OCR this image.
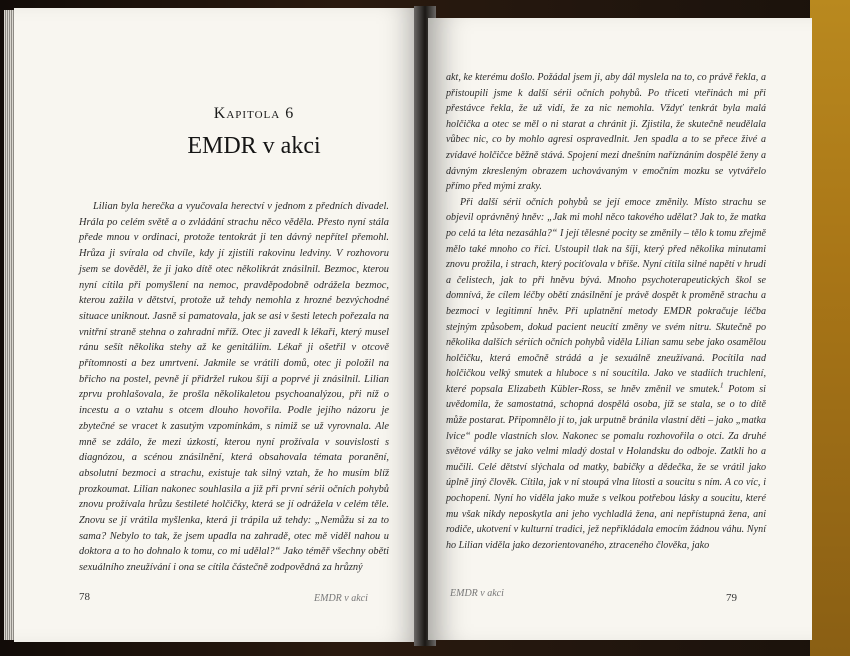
Kapitola 6
EMDR v akci

Lilian byla herečka a vyučovala herectví v jednom z předních divadel. Hrála po celém světě a o zvládání strachu něco věděla. Přesto nyní stála přede mnou v ordinaci, protože tentokrát ji ten dávný nepřítel přemohl. Hrůza ji svírala od chvíle, kdy jí zjistili rakovinu ledviny. V rozhovoru jsem se dověděl, že ji jako dítě otec několikrát znásilnil. Bezmoc, kterou nyní cítila při pomyšlení na nemoc, pravděpodobně odrážela bezmoc, kterou zažila v dětství, protože už tehdy nemohla z hrozné bezvýchodné situace uniknout. Jasně si pamatovala, jak se asi v šesti letech pořezala na vnitřní straně stehna o zahradní mříž. Otec ji zavedl k lékaři, který musel ránu sešít několika stehy až ke genitáliím. Lékař ji ošetřil v otcově přítomnosti a bez umrtvení. Jakmile se vrátili domů, otec ji položil na břicho na postel, pevně jí přidržel rukou šíji a poprvé ji znásilnil. Lilian zprvu prohlašovala, že prošla několikaletou psychoanalýzou, při níž o incestu a o vztahu s otcem dlouho hovořila. Podle jejího názoru je zbytečné se vracet k zasutým vzpomínkám, s nimiž se už vyrovnala. Ale mně se zdálo, že mezi úzkostí, kterou nyní prožívala v souvislosti s diagnózou, a scénou znásilnění, která obsahovala témata poranění, absolutní bezmoci a strachu, existuje tak silný vztah, že ho musím blíž prozkoumat. Lilian nakonec souhlasila a již při první sérii očních pohybů znovu prožívala hrůzu šestileté holčičky, která se jí odrážela v celém těle. Znovu se jí vrátila myšlenka, která ji trápila už tehdy: „Nemůžu si za to sama? Nebylo to tak, že jsem upadla na zahradě, otec mě viděl nahou u doktora a to ho dohnalo k tomu, co mi udělal?“ Jako téměř všechny oběti sexuálního zneužívání i ona se cítila částečně zodpovědná za hrůzný

78	EMDR v akci

akt, ke kterému došlo. Požádal jsem ji, aby dál myslela na to, co právě řekla, a přistoupili jsme k další sérii očních pohybů. Po třiceti vteřinách mi při přestávce řekla, že už vidí, že za nic nemohla. Vždyť tenkrát byla malá holčička a otec se měl o ni starat a chránit ji. Zjistila, že skutečně neudělala vůbec nic, co by mohlo agresi ospravedlnit. Jen spadla a to se přece živé a zvídavé holčičce běžně stává. Spojení mezi dnešním naříznáním dospělé ženy a dávným zkresleným obrazem uchovávaným v emočním mozku se vytvářelo přímo před mými zraky.

Při další sérii očních pohybů se její emoce změnily. Místo strachu se objevil oprávněný hněv: „Jak mi mohl něco takového udělat? Jak to, že matka po celá ta léta nezasáhla?“ I její tělesné pocity se změnily – tělo k tomu zřejmě mělo také mnoho co říci. Ustoupil tlak na šíji, který před několika minutami znovu prožila, i strach, který pociťovala v břiše. Nyní cítila silné napětí v hrudi a čelistech, jak to při hněvu bývá. Mnoho psychoterapeutických škol se domnívá, že cílem léčby obětí znásilnění je právě dospět k proměně strachu a bezmoci v legitimní hněv. Při uplatnění metody EMDR pokračuje léčba stejným způsobem, dokud pacient neucítí změny ve svém nitru. Skutečně po několika dalších sériích očních pohybů viděla Lilian samu sebe jako osamělou holčičku, která emočně strádá a je sexuálně zneužívaná. Pocítila nad holčičkou velký smutek a hluboce s ní soucítila. Jako ve stadiích truchlení, které popsala Elizabeth Kübler-Ross, se hněv změnil ve smutek.$^1$ Potom si uvědomila, že samostatná, schopná dospělá osoba, jíž se stala, se o to dítě může postarat. Připomnělo jí to, jak urputně bránila vlastní děti – jako „matka lvice“ podle vlastních slov. Nakonec se pomalu rozhovořila o otci. Za druhé světové války se jako velmi mladý dostal v Holandsku do odboje. Zatkli ho a mučili. Celé dětství slýchala od matky, babičky a dědečka, že se vrátil jako úplně jiný člověk. Cítila, jak v ní stoupá vlna lítosti a soucitu s ním. A co víc, i pochopení. Nyní ho viděla jako muže s velkou potřebou lásky a soucitu, které mu však nikdy neposkytla ani jeho vychladlá žena, ani nepřístupná žena, ani rodiče, ukotvení v kulturní tradici, jež nepřikládala emocím žádnou váhu. Nyní ho Lilian viděla jako dezorientovaného, ztraceného člověka, jako

EMDR v akci	79
